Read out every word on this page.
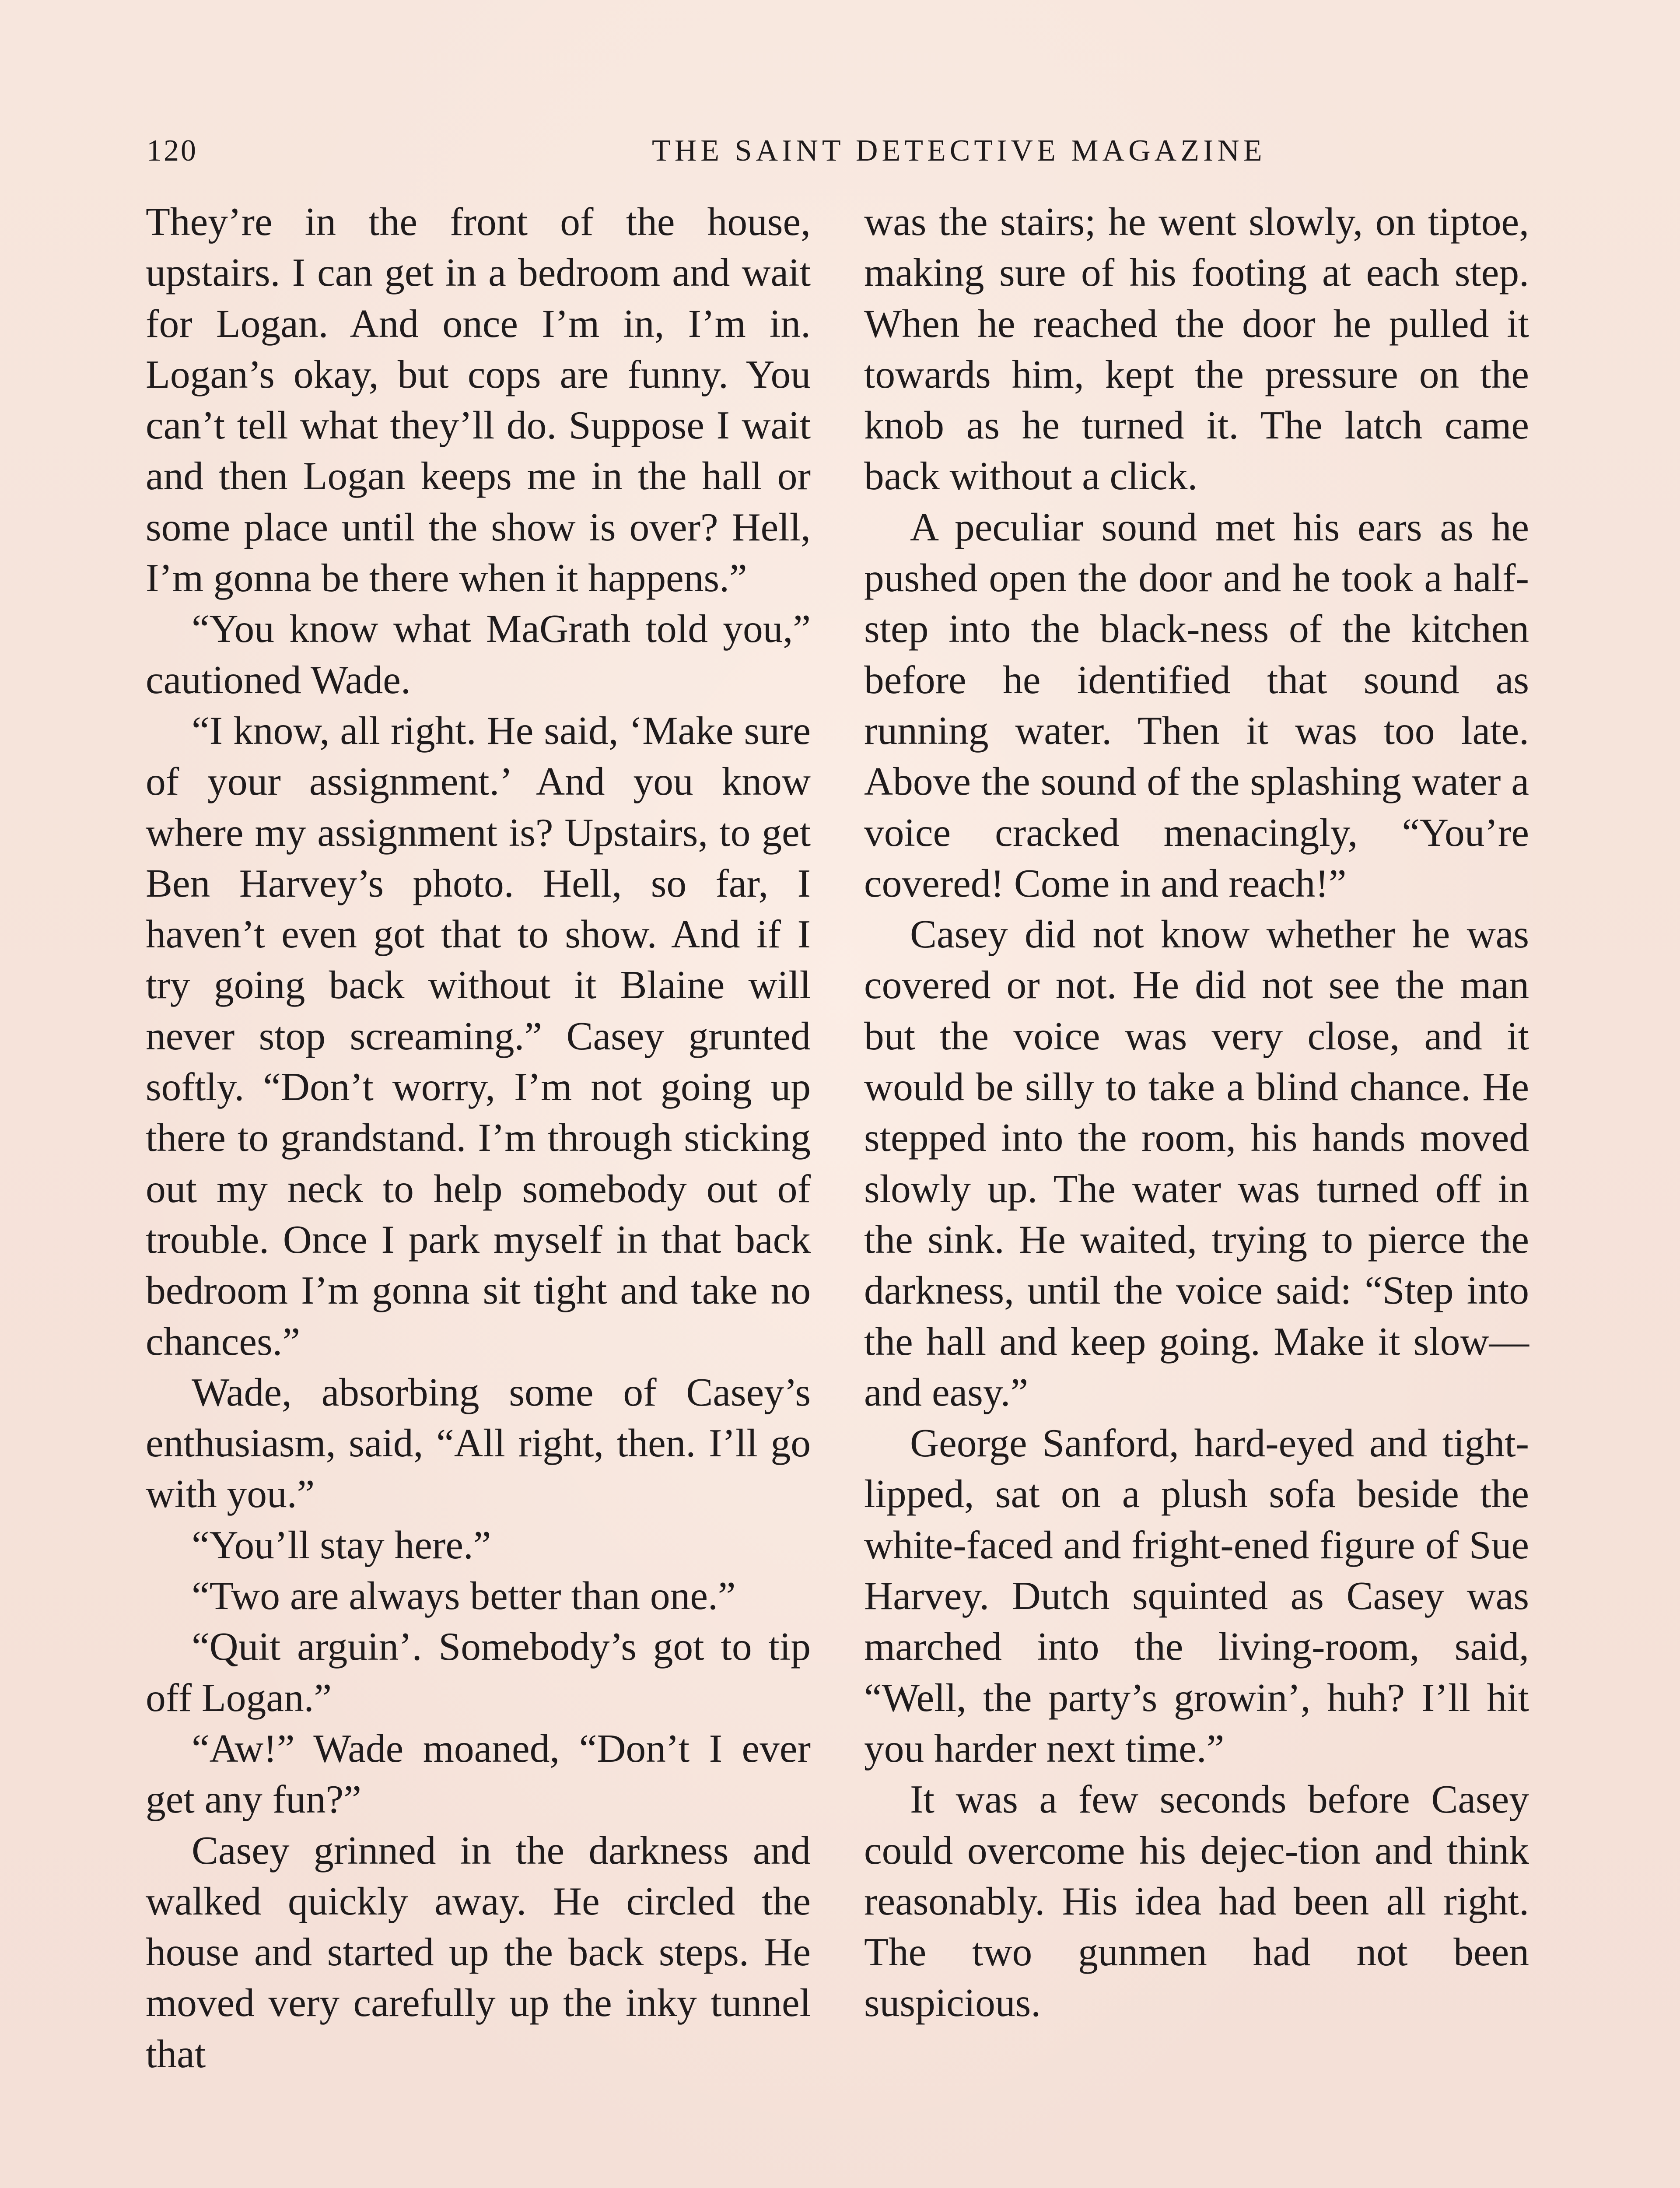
120	THE SAINT DETECTIVE MAGAZINE

They’re in the front of the house, upstairs. I can get in a bedroom and wait for Logan. And once I’m in, I’m in. Logan’s okay, but cops are funny. You can’t tell what they’ll do. Suppose I wait and then Logan keeps me in the hall or some place until the show is over? Hell, I’m gonna be there when it happens.”

“You know what MaGrath told you,” cautioned Wade.

“I know, all right. He said, ‘Make sure of your assignment.’ And you know where my assignment is? Upstairs, to get Ben Harvey’s photo. Hell, so far, I haven’t even got that to show. And if I try going back without it Blaine will never stop screaming.” Casey grunted softly. “Don’t worry, I’m not going up there to grandstand. I’m through sticking out my neck to help somebody out of trouble. Once I park myself in that back bedroom I’m gonna sit tight and take no chances.”

Wade, absorbing some of Casey’s enthusiasm, said, “All right, then. I’ll go with you.”

“You’ll stay here.”

“Two are always better than one.”

“Quit arguin’. Somebody’s got to tip off Logan.”

“Aw!” Wade moaned, “Don’t I ever get any fun?”

Casey grinned in the darkness and walked quickly away. He circled the house and started up the back steps. He moved very carefully up the inky tunnel that

was the stairs; he went slowly, on tiptoe, making sure of his footing at each step. When he reached the door he pulled it towards him, kept the pressure on the knob as he turned it. The latch came back without a click.

A peculiar sound met his ears as he pushed open the door and he took a half-step into the black-ness of the kitchen before he identified that sound as running water. Then it was too late. Above the sound of the splashing water a voice cracked menacingly, “You’re covered! Come in and reach!”

Casey did not know whether he was covered or not. He did not see the man but the voice was very close, and it would be silly to take a blind chance. He stepped into the room, his hands moved slowly up. The water was turned off in the sink. He waited, trying to pierce the darkness, until the voice said: “Step into the hall and keep going. Make it slow—and easy.”

George Sanford, hard-eyed and tight-lipped, sat on a plush sofa beside the white-faced and fright-ened figure of Sue Harvey. Dutch squinted as Casey was marched into the living-room, said, “Well, the party’s growin’, huh? I’ll hit you harder next time.”

It was a few seconds before Casey could overcome his dejec-tion and think reasonably. His idea had been all right. The two gunmen had not been suspicious.
